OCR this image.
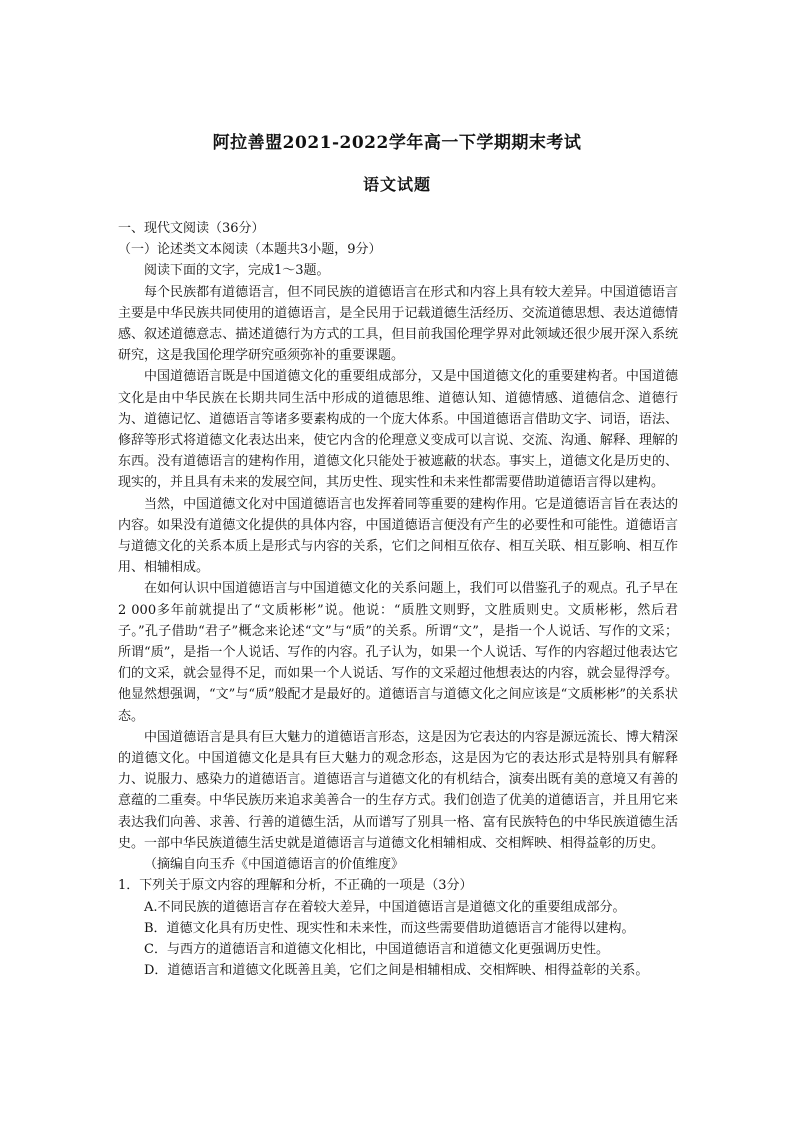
阿拉善盟2021-2022学年高一下学期期末考试
语文试题

一、现代文阅读（36分）

（一）论述类文本阅读（本题共3小题，9分）

阅读下面的文字，完成1～3题。

每个民族都有道德语言，但不同民族的道德语言在形式和内容上具有较大差异。中国道德语言主要是中华民族共同使用的道德语言，是全民用于记载道德生活经历、交流道德思想、表达道德情感、叙述道德意志、描述道德行为方式的工具，但目前我国伦理学界对此领域还很少展开深入系统研究，这是我国伦理学研究亟须弥补的重要课题。

中国道德语言既是中国道德文化的重要组成部分，又是中国道德文化的重要建构者。中国道德文化是由中华民族在长期共同生活中形成的道德思维、道德认知、道德情感、道德信念、道德行为、道德记忆、道德语言等诸多要素构成的一个庞大体系。中国道德语言借助文字、词语，语法、修辞等形式将道德文化表达出来，使它内含的伦理意义变成可以言说、交流、沟通、解释、理解的东西。没有道德语言的建构作用，道德文化只能处于被遮蔽的状态。事实上，道德文化是历史的、现实的，并且具有未来的发展空间，其历史性、现实性和未来性都需要借助道德语言得以建构。

当然，中国道德文化对中国道德语言也发挥着同等重要的建构作用。它是道德语言旨在表达的内容。如果没有道德文化提供的具体内容，中国道德语言便没有产生的必要性和可能性。道德语言与道德文化的关系本质上是形式与内容的关系，它们之间相互依存、相互关联、相互影响、相互作用、相辅相成。

在如何认识中国道德语言与中国道德文化的关系问题上，我们可以借鉴孔子的观点。孔子早在2 000多年前就提出了“文质彬彬”说。他说：“质胜文则野，文胜质则史。文质彬彬，然后君子。”孔子借助“君子”概念来论述“文”与“质”的关系。所谓“文”，是指一个人说话、写作的文采；所谓“质”，是指一个人说话、写作的内容。孔子认为，如果一个人说话、写作的内容超过他表达它们的文采，就会显得不足，而如果一个人说话、写作的文采超过他想表达的内容，就会显得浮夸。他显然想强调，“文”与“质”般配才是最好的。道德语言与道德文化之间应该是“文质彬彬”的关系状态。

中国道德语言是具有巨大魅力的道德语言形态，这是因为它表达的内容是源远流长、博大精深的道德文化。中国道德文化是具有巨大魅力的观念形态，这是因为它的表达形式是特别具有解释力、说服力、感染力的道德语言。道德语言与道德文化的有机结合，演奏出既有美的意境又有善的意蕴的二重奏。中华民族历来追求美善合一的生存方式。我们创造了优美的道德语言，并且用它来表达我们向善、求善、行善的道德生活，从而谱写了别具一格、富有民族特色的中华民族道德生活史。一部中华民族道德生活史就是道德语言与道德文化相辅相成、交相辉映、相得益彰的历史。

（摘编自向玉乔《中国道德语言的价值维度》

1．下列关于原文内容的理解和分析，不正确的一项是（3分）

A.不同民族的道德语言存在着较大差异，中国道德语言是道德文化的重要组成部分。

B．道德文化具有历史性、现实性和未来性，而这些需要借助道德语言才能得以建构。

C．与西方的道德语言和道德文化相比，中国道德语言和道德文化更强调历史性。

D．道德语言和道德文化既善且美，它们之间是相辅相成、交相辉映、相得益彰的关系。
